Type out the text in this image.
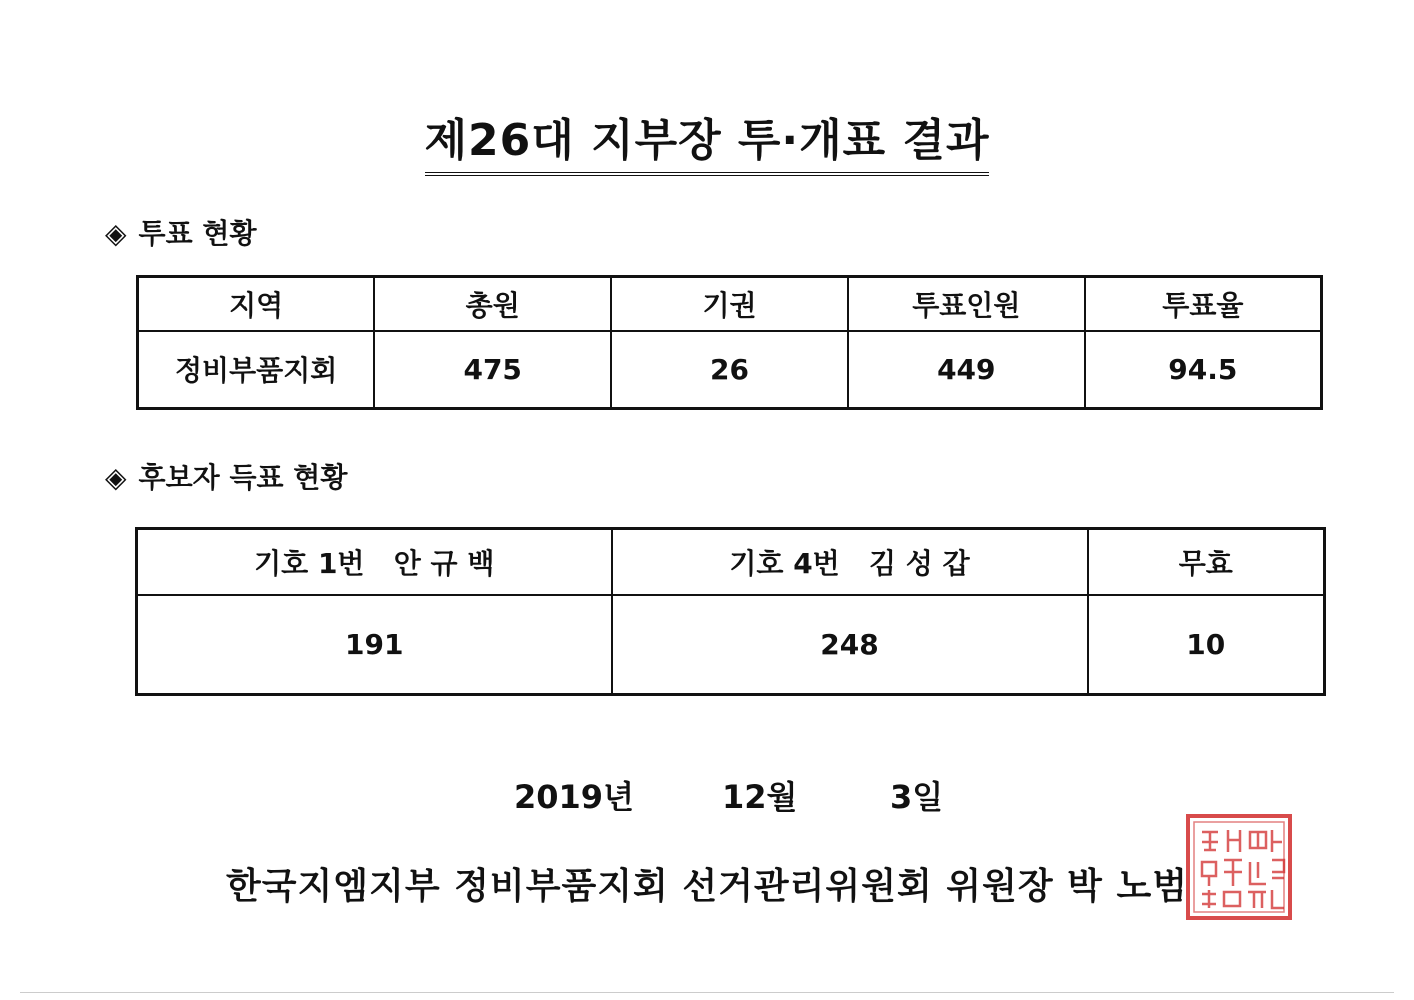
제26대 지부장 투·개표 결과
◈ 투표 현황
지역	총원	기권	투표인원	투표율
정비부품지회	475	26	449	94.5
◈ 후보자 득표 현황
기호 1번   안 규 백	기호 4번   김 성 갑	무효
191	248	10
2019년	12월	3일
한국지엠지부 정비부품지회 선거관리위원회 위원장 박 노범
